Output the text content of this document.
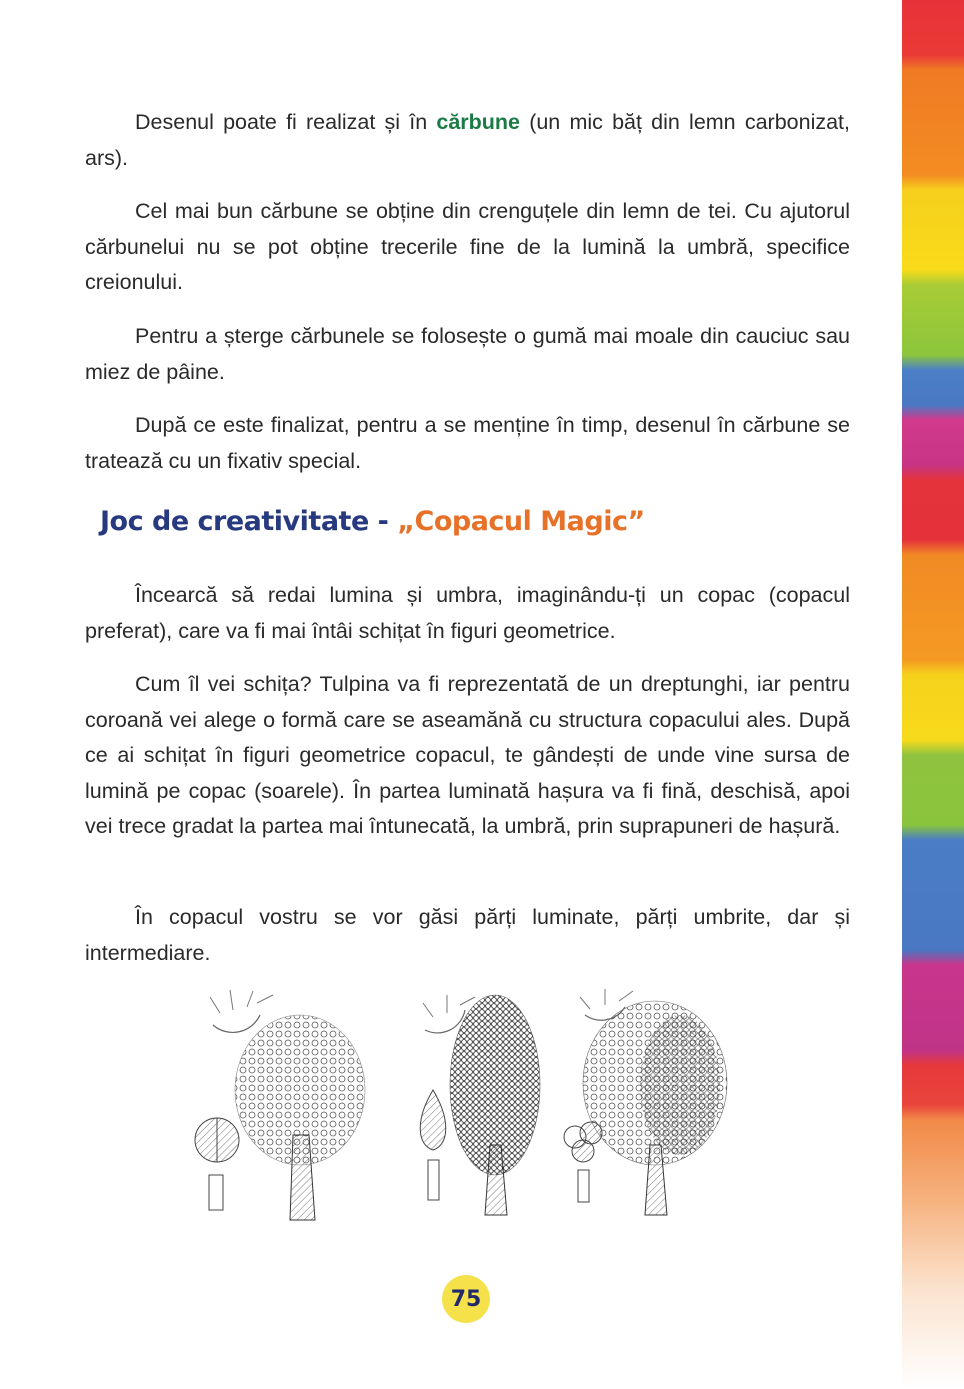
Desenul poate fi realizat și în cărbune (un mic băț din lemn carbonizat, ars).

Cel mai bun cărbune se obține din crenguțele din lemn de tei. Cu ajutorul cărbunelui nu se pot obține trecerile fine de la lumină la umbră, specifice creionului.

Pentru a șterge cărbunele se folosește o gumă mai moale din cauciuc sau miez de pâine.

După ce este finalizat, pentru a se menține în timp, desenul în cărbune se tratează cu un fixativ special.

Încearcă să redai lumina și umbra, imaginându-ți un copac (copacul preferat), care va fi mai întâi schițat în figuri geometrice.

Cum îl vei schița? Tulpina va fi reprezentată de un dreptunghi, iar pentru coroană vei alege o formă care se aseamănă cu structura copacului ales. După ce ai schițat în figuri geometrice copacul, te gândești de unde vine sursa de lumină pe copac (soarele). În partea luminată hașura va fi fină, deschisă, apoi vei trece gradat la partea mai întunecată, la umbră, prin suprapuneri de hașură.

În copacul vostru se vor găsi părți luminate, părți umbrite, dar și intermediare.

Joc de creativitate - „Copacul Magic”
75
